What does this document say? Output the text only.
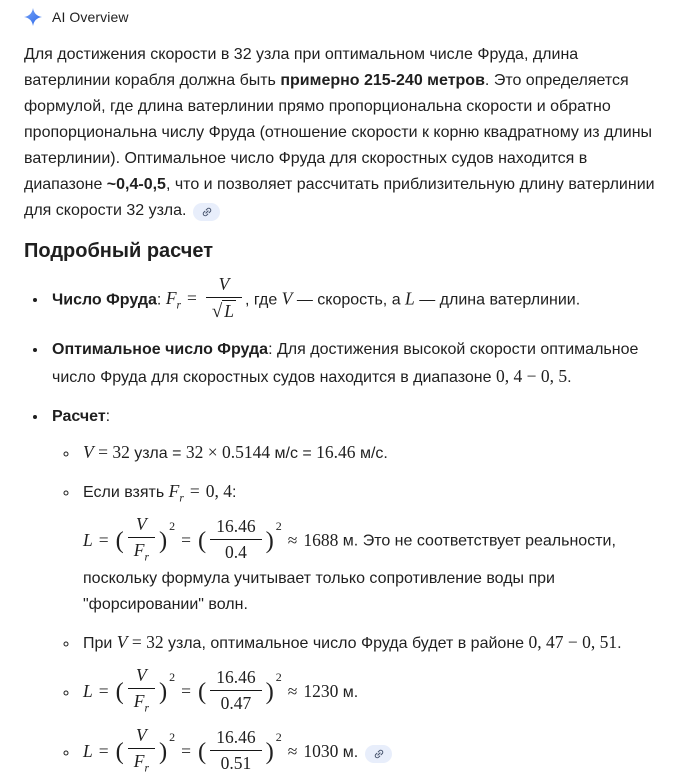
AI Overview

Для достижения скорости в 32 узла при оптимальном числе Фруда, длина ватерлинии корабля должна быть примерно 215-240 метров. Это определяется формулой, где длина ватерлинии прямо пропорциональна скорости и обратно пропорциональна числу Фруда (отношение скорости к корню квадратному из длины ватерлинии). Оптимальное число Фруда для скоростных судов находится в диапазоне ~0,4-0,5, что и позволяет рассчитать приблизительную длину ватерлинии для скорости 32 узла.

Подробный расчет
• Число Фруда: $F_r = \frac{V}{√ L}$ , где V — скорость, а L — длина ватерлинии.
• Оптимальное число Фруда: Для достижения высокой скорости оптимальное число Фруда для скоростных судов находится в диапазоне 0, 4 − 0, 5.
• Расчет:
◦ V = 32 узла = 32 × 0.5144 м/с = 16.46 м/с.
◦ Если взять $F_r = 0$, 4:
L = ( $\frac{V}{F_r} )^2=$ ( $\frac{16.46}{0.4} )^2\approx 1688$ м. Это не соответствует реальности, поскольку формула учитывает только сопротивление воды при "форсировании" волн.
◦ При V = 32 узла, оптимальное число Фруда будет в районе 0, 47 − 0, 51.
◦ L = ( $\frac{V}{F_r} )^2=$ ( $\frac{16.46}{0.47} )^2\approx 1230$ м.
◦ L = ( $\frac{V}{F_r} )^2=$ ( $\frac{16.46}{0.51} )^2\approx 1030$ м.
